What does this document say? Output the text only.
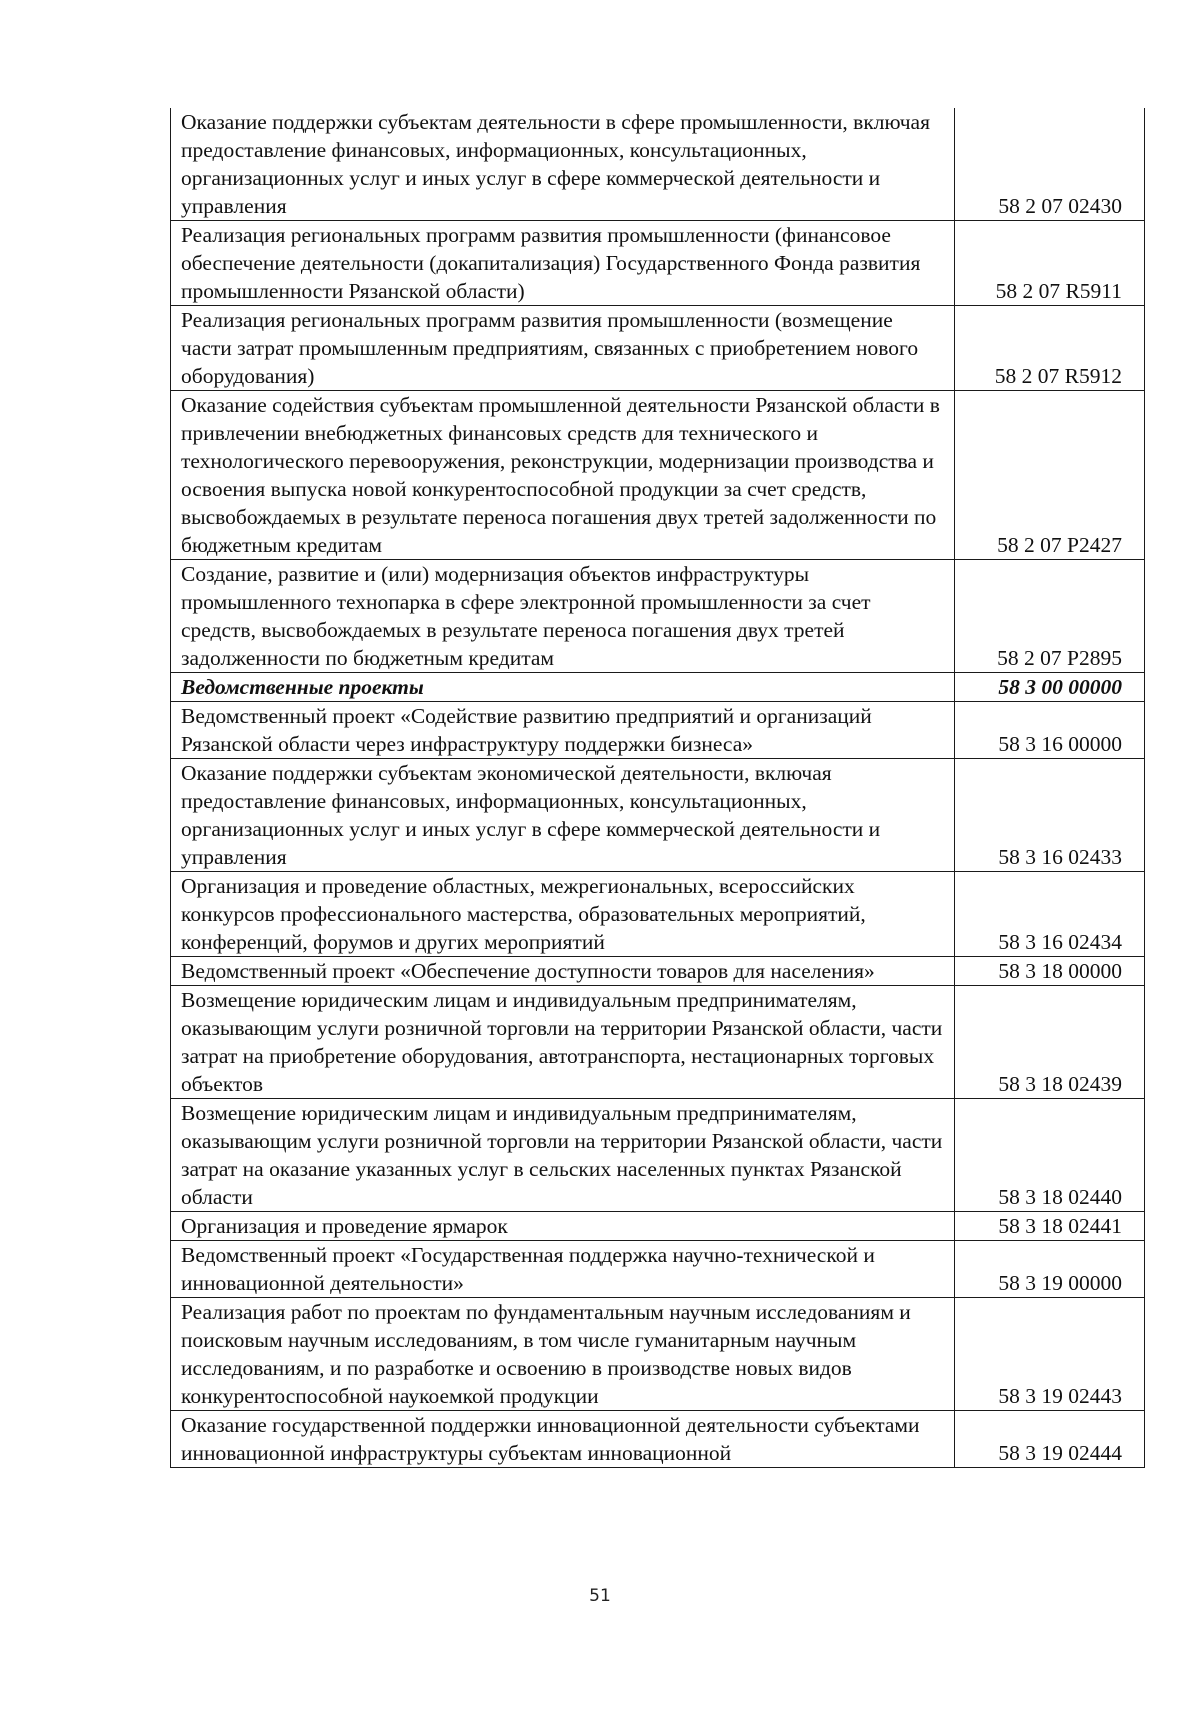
Оказание поддержки субъектам деятельности в сфере промышленности, включая предоставление финансовых, информационных, консультационных, организационных услуг и иных услуг в сфере коммерческой деятельности и управления	58 2 07 02430
Реализация региональных программ развития промышленности (финансовое обеспечение деятельности (докапитализация) Государственного Фонда развития промышленности Рязанской области)	58 2 07 R5911
Реализация региональных программ развития промышленности (возмещение части затрат промышленным предприятиям, связанных с приобретением нового оборудования)	58 2 07 R5912
Оказание содействия субъектам промышленной деятельности Рязанской области в привлечении внебюджетных финансовых средств для технического и технологического перевооружения, реконструкции, модернизации производства и освоения выпуска новой конкурентоспособной продукции за счет средств, высвобождаемых в результате переноса погашения двух третей задолженности по бюджетным кредитам	58 2 07 P2427
Создание, развитие и (или) модернизация объектов инфраструктуры промышленного технопарка в сфере электронной промышленности за счет средств, высвобождаемых в результате переноса погашения двух третей задолженности по бюджетным кредитам	58 2 07 P2895
Ведомственные проекты	58 3 00 00000
Ведомственный проект «Содействие развитию предприятий и организаций Рязанской области через инфраструктуру поддержки бизнеса»	58 3 16 00000
Оказание поддержки субъектам экономической деятельности, включая предоставление финансовых, информационных, консультационных, организационных услуг и иных услуг в сфере коммерческой деятельности и управления	58 3 16 02433
Организация и проведение областных, межрегиональных, всероссийских конкурсов профессионального мастерства, образовательных мероприятий, конференций, форумов и других мероприятий	58 3 16 02434
Ведомственный проект «Обеспечение доступности товаров для населения»	58 3 18 00000
Возмещение юридическим лицам и индивидуальным предпринимателям, оказывающим услуги розничной торговли на территории Рязанской области, части затрат на приобретение оборудования, автотранспорта, нестационарных торговых объектов	58 3 18 02439
Возмещение юридическим лицам и индивидуальным предпринимателям, оказывающим услуги розничной торговли на территории Рязанской области, части затрат на оказание указанных услуг в сельских населенных пунктах Рязанской области	58 3 18 02440
Организация и проведение ярмарок	58 3 18 02441
Ведомственный проект «Государственная поддержка научно-технической и инновационной деятельности»	58 3 19 00000
Реализация работ по проектам по фундаментальным научным исследованиям и поисковым научным исследованиям, в том числе гуманитарным научным исследованиям, и по разработке и освоению в производстве новых видов конкурентоспособной наукоемкой продукции	58 3 19 02443
Оказание государственной поддержки инновационной деятельности субъектами инновационной инфраструктуры субъектам инновационной	58 3 19 02444
51
